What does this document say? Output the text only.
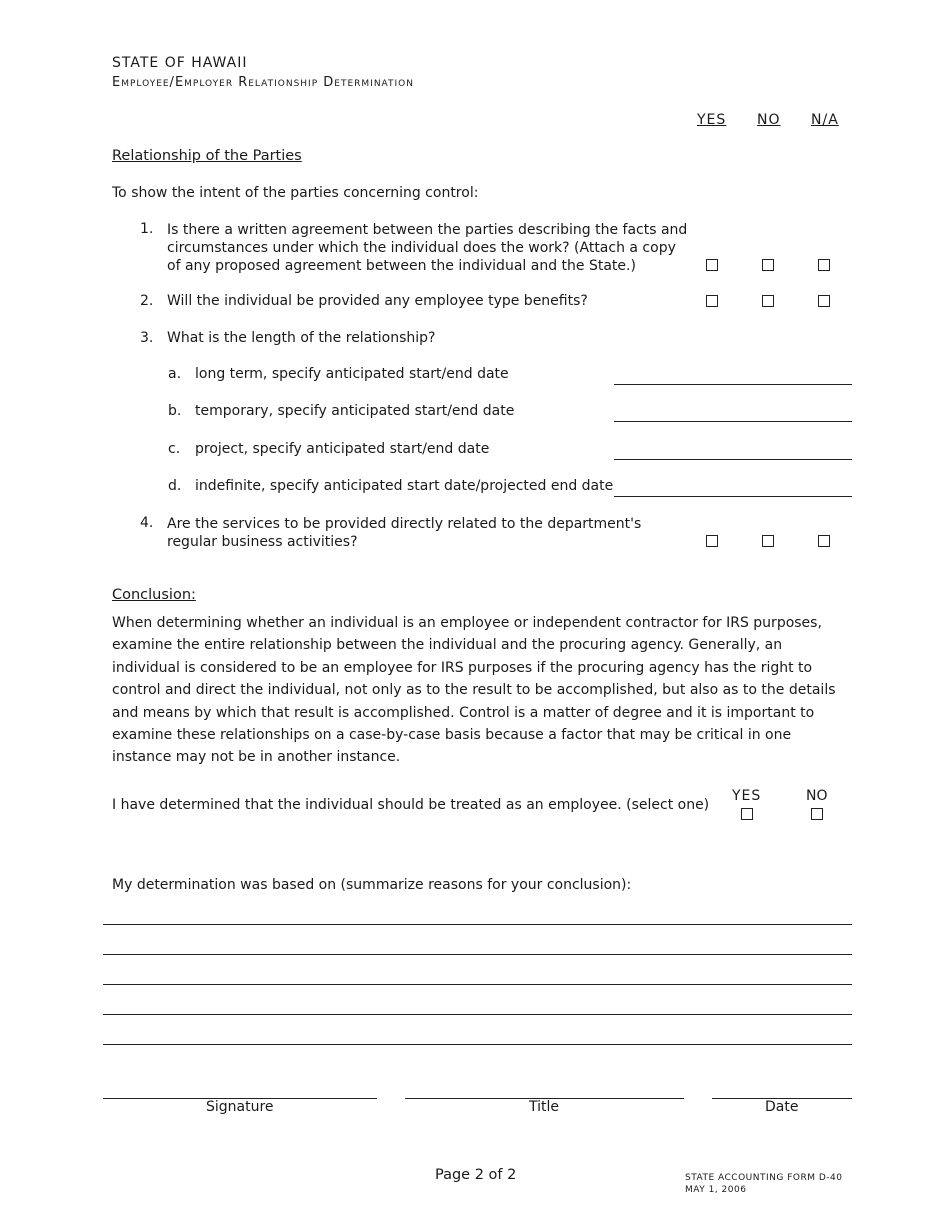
STATE OF HAWAII
Employee/Employer Relationship Determination
YES NO N/A
Relationship of the Parties
To show the intent of the parties concerning control:
1. Is there a written agreement between the parties describing the facts and
circumstances under which the individual does the work? (Attach a copy
of any proposed agreement between the individual and the State.)
2. Will the individual be provided any employee type benefits?
3. What is the length of the relationship?
a. long term, specify anticipated start/end date
b. temporary, specify anticipated start/end date
c. project, specify anticipated start/end date
d. indefinite, specify anticipated start date/projected end date
4. Are the services to be provided directly related to the department's
regular business activities?
Conclusion:
When determining whether an individual is an employee or independent contractor for IRS purposes, examine the entire relationship between the individual and the procuring agency. Generally, an individual is considered to be an employee for IRS purposes if the procuring agency has the right to control and direct the individual, not only as to the result to be accomplished, but also as to the details and means by which that result is accomplished. Control is a matter of degree and it is important to examine these relationships on a case-by-case basis because a factor that may be critical in one instance may not be in another instance.
I have determined that the individual should be treated as an employee. (select one)
YES	NO
My determination was based on (summarize reasons for your conclusion):
Signature	Title	Date
Page 2 of 2	STATE ACCOUNTING FORM D-40
MAY 1, 2006
